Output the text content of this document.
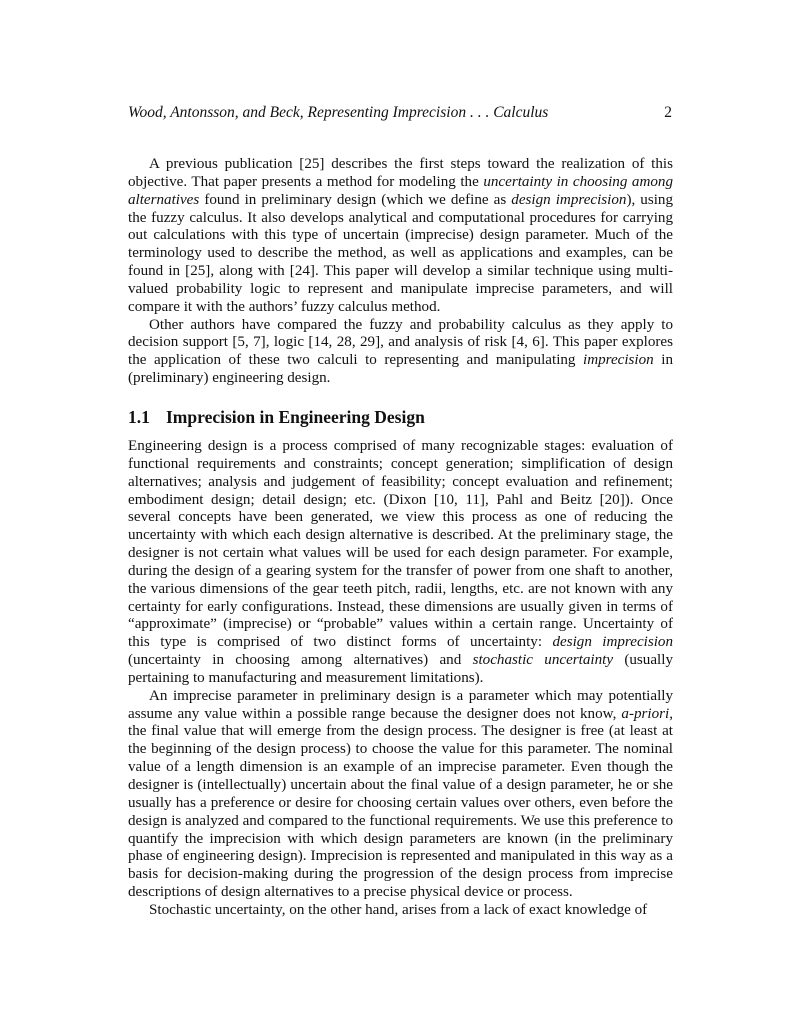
Wood, Antonsson, and Beck, Representing Imprecision . . . Calculus	2

A previous publication [25] describes the first steps toward the realization of this objective. That paper presents a method for modeling the uncertainty in choosing among alternatives found in preliminary design (which we define as design imprecision), using the fuzzy calculus. It also develops analytical and computational procedures for carrying out calculations with this type of uncertain (imprecise) design parameter. Much of the terminology used to describe the method, as well as applications and examples, can be found in [25], along with [24]. This paper will develop a similar technique using multi-valued probability logic to represent and manipulate imprecise parameters, and will compare it with the authors’ fuzzy calculus method.

Other authors have compared the fuzzy and probability calculus as they apply to decision support [5, 7], logic [14, 28, 29], and analysis of risk [4, 6]. This paper explores the application of these two calculi to representing and manipulating imprecision in (preliminary) engineering design.

1.1 Imprecision in Engineering Design

Engineering design is a process comprised of many recognizable stages: evaluation of functional requirements and constraints; concept generation; simplification of design alternatives; analysis and judgement of feasibility; concept evaluation and refinement; embodiment design; detail design; etc. (Dixon [10, 11], Pahl and Beitz [20]). Once several concepts have been generated, we view this process as one of reducing the uncertainty with which each design alternative is described. At the preliminary stage, the designer is not certain what values will be used for each design parameter. For example, during the design of a gearing system for the transfer of power from one shaft to another, the various dimensions of the gear teeth pitch, radii, lengths, etc. are not known with any certainty for early configurations. Instead, these dimensions are usually given in terms of “approximate” (imprecise) or “probable” values within a certain range. Uncertainty of this type is comprised of two distinct forms of uncertainty: design imprecision (uncertainty in choosing among alternatives) and stochastic uncertainty (usually pertaining to manufacturing and measurement limitations).

An imprecise parameter in preliminary design is a parameter which may potentially assume any value within a possible range because the designer does not know, a-priori, the final value that will emerge from the design process. The designer is free (at least at the beginning of the design process) to choose the value for this parameter. The nominal value of a length dimension is an example of an imprecise parameter. Even though the designer is (intellectually) uncertain about the final value of a design parameter, he or she usually has a preference or desire for choosing certain values over others, even before the design is analyzed and compared to the functional requirements. We use this preference to quantify the imprecision with which design parameters are known (in the preliminary phase of engineering design). Imprecision is represented and manipulated in this way as a basis for decision-making during the progression of the design process from imprecise descriptions of design alternatives to a precise physical device or process.

Stochastic uncertainty, on the other hand, arises from a lack of exact knowledge of
